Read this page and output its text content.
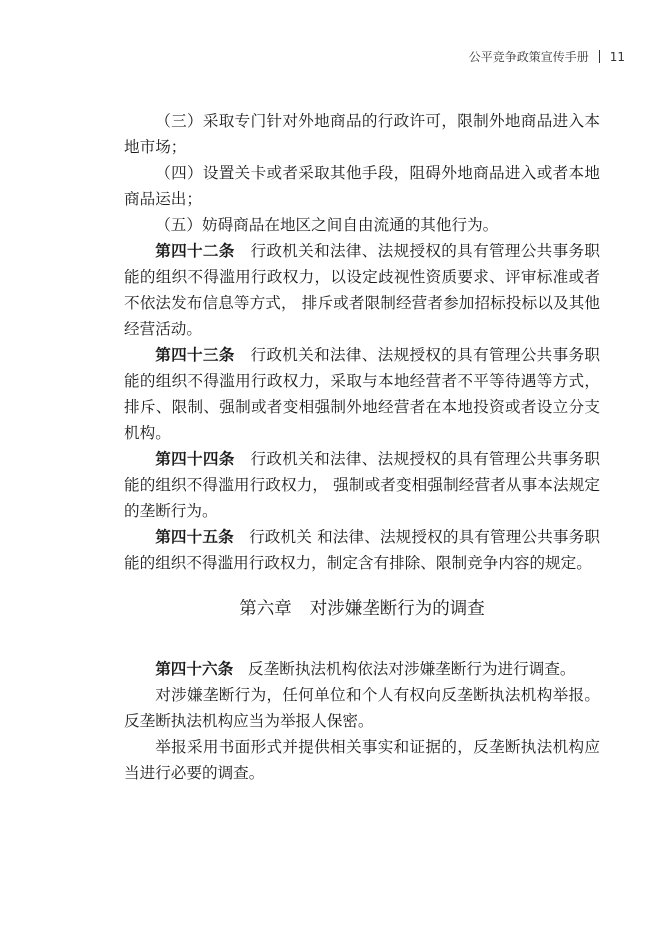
公平竞争政策宣传手册 11

（三）采取专门针对外地商品的行政许可，限制外地商品进入本地市场；

（四）设置关卡或者采取其他手段，阻碍外地商品进入或者本地商品运出；

（五）妨碍商品在地区之间自由流通的其他行为。

第四十二条 行政机关和法律、法规授权的具有管理公共事务职能的组织不得滥用行政权力，以设定歧视性资质要求、评审标准或者不依法发布信息等方式， 排斥或者限制经营者参加招标投标以及其他经营活动。

第四十三条 行政机关和法律、法规授权的具有管理公共事务职能的组织不得滥用行政权力，采取与本地经营者不平等待遇等方式， 排斥、限制、强制或者变相强制外地经营者在本地投资或者设立分支机构。

第四十四条 行政机关和法律、法规授权的具有管理公共事务职能的组织不得滥用行政权力， 强制或者变相强制经营者从事本法规定的垄断行为。

第四十五条 行政机关 和法律、法规授权的具有管理公共事务职能的组织不得滥用行政权力，制定含有排除、限制竞争内容的规定。

第六章 对涉嫌垄断行为的调查

第四十六条 反垄断执法机构依法对涉嫌垄断行为进行调查。

对涉嫌垄断行为，任何单位和个人有权向反垄断执法机构举报。反垄断执法机构应当为举报人保密。

举报采用书面形式并提供相关事实和证据的，反垄断执法机构应当进行必要的调查。
